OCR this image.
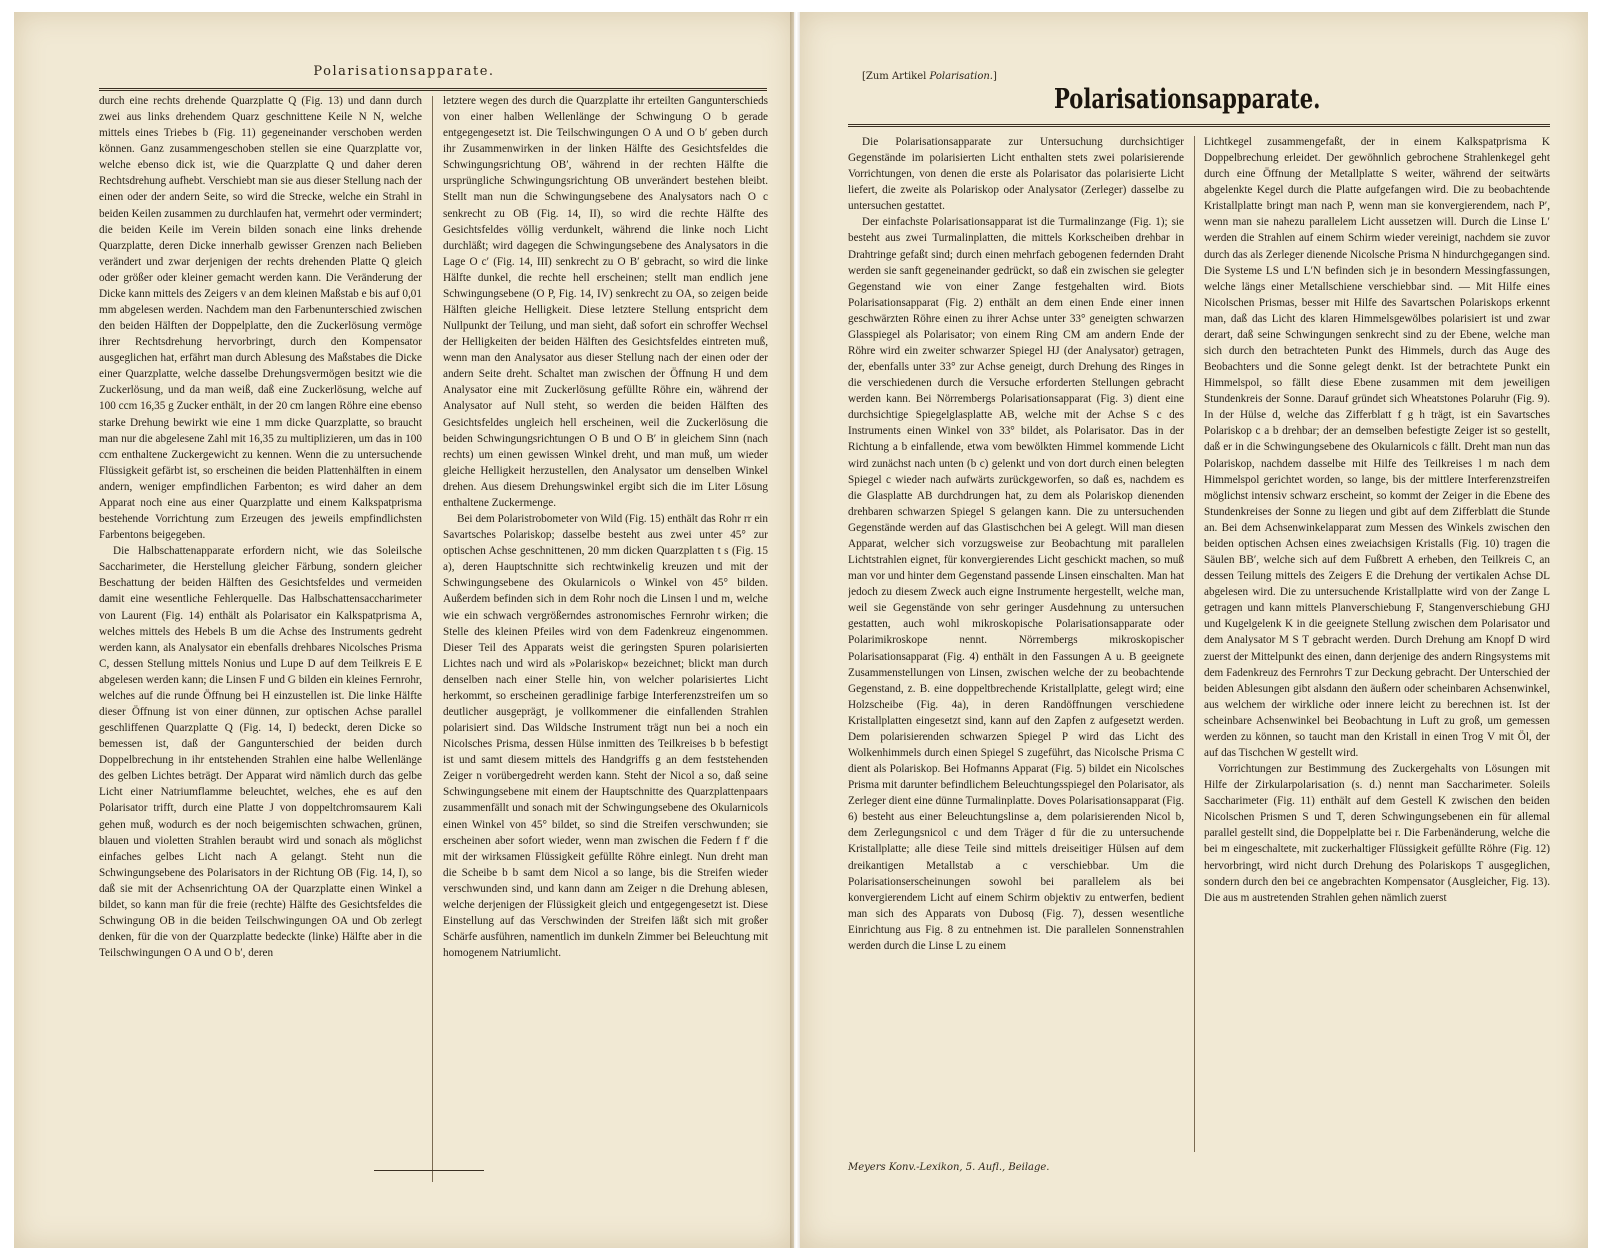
Polarisationsapparate.

durch eine rechts drehende Quarzplatte Q (Fig. 13) und dann durch zwei aus links drehendem Quarz geschnittene Keile N N, welche mittels eines Triebes b (Fig. 11) gegeneinander verschoben werden können. Ganz zusammengeschoben stellen sie eine Quarzplatte vor, welche ebenso dick ist, wie die Quarzplatte Q und daher deren Rechtsdrehung aufhebt. Verschiebt man sie aus dieser Stellung nach der einen oder der andern Seite, so wird die Strecke, welche ein Strahl in beiden Keilen zusammen zu durchlaufen hat, vermehrt oder vermindert; die beiden Keile im Verein bilden sonach eine links drehende Quarzplatte, deren Dicke innerhalb gewisser Grenzen nach Belieben verändert und zwar derjenigen der rechts drehenden Platte Q gleich oder größer oder kleiner gemacht werden kann. Die Veränderung der Dicke kann mittels des Zeigers v an dem kleinen Maßstab e bis auf 0,01 mm abgelesen werden. Nachdem man den Farbenunterschied zwischen den beiden Hälften der Doppelplatte, den die Zuckerlösung vermöge ihrer Rechtsdrehung hervorbringt, durch den Kompensator ausgeglichen hat, erfährt man durch Ablesung des Maßstabes die Dicke einer Quarzplatte, welche dasselbe Drehungsvermögen besitzt wie die Zuckerlösung, und da man weiß, daß eine Zuckerlösung, welche auf 100 ccm 16,35 g Zucker enthält, in der 20 cm langen Röhre eine ebenso starke Drehung bewirkt wie eine 1 mm dicke Quarzplatte, so braucht man nur die abgelesene Zahl mit 16,35 zu multiplizieren, um das in 100 ccm enthaltene Zuckergewicht zu kennen. Wenn die zu untersuchende Flüssigkeit gefärbt ist, so erscheinen die beiden Plattenhälften in einem andern, weniger empfindlichen Farbenton; es wird daher an dem Apparat noch eine aus einer Quarzplatte und einem Kalkspatprisma bestehende Vorrichtung zum Erzeugen des jeweils empfindlichsten Farbentons beigegeben.

Die Halbschattenapparate erfordern nicht, wie das Soleilsche Saccharimeter, die Herstellung gleicher Färbung, sondern gleicher Beschattung der beiden Hälften des Gesichtsfeldes und vermeiden damit eine wesentliche Fehlerquelle. Das Halbschattensaccharimeter von Laurent (Fig. 14) enthält als Polarisator ein Kalkspatprisma A, welches mittels des Hebels B um die Achse des Instruments gedreht werden kann, als Analysator ein ebenfalls drehbares Nicolsches Prisma C, dessen Stellung mittels Nonius und Lupe D auf dem Teilkreis E E abgelesen werden kann; die Linsen F und G bilden ein kleines Fernrohr, welches auf die runde Öffnung bei H einzustellen ist. Die linke Hälfte dieser Öffnung ist von einer dünnen, zur optischen Achse parallel geschliffenen Quarzplatte Q (Fig. 14, I) bedeckt, deren Dicke so bemessen ist, daß der Gangunterschied der beiden durch Doppelbrechung in ihr entstehenden Strahlen eine halbe Wellenlänge des gelben Lichtes beträgt. Der Apparat wird nämlich durch das gelbe Licht einer Natriumflamme beleuchtet, welches, ehe es auf den Polarisator trifft, durch eine Platte J von doppeltchromsaurem Kali gehen muß, wodurch es der noch beigemischten schwachen, grünen, blauen und violetten Strahlen beraubt wird und sonach als möglichst einfaches gelbes Licht nach A gelangt. Steht nun die Schwingungsebene des Polarisators in der Richtung OB (Fig. 14, I), so daß sie mit der Achsenrichtung OA der Quarzplatte einen Winkel a bildet, so kann man für die freie (rechte) Hälfte des Gesichtsfeldes die Schwingung OB in die beiden Teilschwingungen OA und Ob zerlegt denken, für die von der Quarzplatte bedeckte (linke) Hälfte aber in die Teilschwingungen O A und O b′, deren

letztere wegen des durch die Quarzplatte ihr erteilten Gangunterschieds von einer halben Wellenlänge der Schwingung O b gerade entgegengesetzt ist. Die Teilschwingungen O A und O b′ geben durch ihr Zusammenwirken in der linken Hälfte des Gesichtsfeldes die Schwingungsrichtung OB′, während in der rechten Hälfte die ursprüngliche Schwingungsrichtung OB unverändert bestehen bleibt. Stellt man nun die Schwingungsebene des Analysators nach O c senkrecht zu OB (Fig. 14, II), so wird die rechte Hälfte des Gesichtsfeldes völlig verdunkelt, während die linke noch Licht durchläßt; wird dagegen die Schwingungsebene des Analysators in die Lage O c′ (Fig. 14, III) senkrecht zu O B′ gebracht, so wird die linke Hälfte dunkel, die rechte hell erscheinen; stellt man endlich jene Schwingungsebene (O P, Fig. 14, IV) senkrecht zu OA, so zeigen beide Hälften gleiche Helligkeit. Diese letztere Stellung entspricht dem Nullpunkt der Teilung, und man sieht, daß sofort ein schroffer Wechsel der Helligkeiten der beiden Hälften des Gesichtsfeldes eintreten muß, wenn man den Analysator aus dieser Stellung nach der einen oder der andern Seite dreht. Schaltet man zwischen der Öffnung H und dem Analysator eine mit Zuckerlösung gefüllte Röhre ein, während der Analysator auf Null steht, so werden die beiden Hälften des Gesichtsfeldes ungleich hell erscheinen, weil die Zuckerlösung die beiden Schwingungsrichtungen O B und O B′ in gleichem Sinn (nach rechts) um einen gewissen Winkel dreht, und man muß, um wieder gleiche Helligkeit herzustellen, den Analysator um denselben Winkel drehen. Aus diesem Drehungswinkel ergibt sich die im Liter Lösung enthaltene Zuckermenge.

Bei dem Polaristrobometer von Wild (Fig. 15) enthält das Rohr rr ein Savartsches Polariskop; dasselbe besteht aus zwei unter 45° zur optischen Achse geschnittenen, 20 mm dicken Quarzplatten t s (Fig. 15 a), deren Hauptschnitte sich rechtwinkelig kreuzen und mit der Schwingungsebene des Okularnicols o Winkel von 45° bilden. Außerdem befinden sich in dem Rohr noch die Linsen l und m, welche wie ein schwach vergrößerndes astronomisches Fernrohr wirken; die Stelle des kleinen Pfeiles wird von dem Fadenkreuz eingenommen. Dieser Teil des Apparats weist die geringsten Spuren polarisierten Lichtes nach und wird als »Polariskop« bezeichnet; blickt man durch denselben nach einer Stelle hin, von welcher polarisiertes Licht herkommt, so erscheinen geradlinige farbige Interferenzstreifen um so deutlicher ausgeprägt, je vollkommener die einfallenden Strahlen polarisiert sind. Das Wildsche Instrument trägt nun bei a noch ein Nicolsches Prisma, dessen Hülse inmitten des Teilkreises b b befestigt ist und samt diesem mittels des Handgriffs g an dem feststehenden Zeiger n vorübergedreht werden kann. Steht der Nicol a so, daß seine Schwingungsebene mit einem der Hauptschnitte des Quarzplattenpaars zusammenfällt und sonach mit der Schwingungsebene des Okularnicols einen Winkel von 45° bildet, so sind die Streifen verschwunden; sie erscheinen aber sofort wieder, wenn man zwischen die Federn f f′ die mit der wirksamen Flüssigkeit gefüllte Röhre einlegt. Nun dreht man die Scheibe b b samt dem Nicol a so lange, bis die Streifen wieder verschwunden sind, und kann dann am Zeiger n die Drehung ablesen, welche derjenigen der Flüssigkeit gleich und entgegengesetzt ist. Diese Einstellung auf das Verschwinden der Streifen läßt sich mit großer Schärfe ausführen, namentlich im dunkeln Zimmer bei Beleuchtung mit homogenem Natriumlicht.

[Zum Artikel Polarisation.]
Polarisationsapparate.

Die Polarisationsapparate zur Untersuchung durchsichtiger Gegenstände im polarisierten Licht enthalten stets zwei polarisierende Vorrichtungen, von denen die erste als Polarisator das polarisierte Licht liefert, die zweite als Polariskop oder Analysator (Zerleger) dasselbe zu untersuchen gestattet.

Der einfachste Polarisationsapparat ist die Turmalinzange (Fig. 1); sie besteht aus zwei Turmalinplatten, die mittels Korkscheiben drehbar in Drahtringe gefaßt sind; durch einen mehrfach gebogenen federnden Draht werden sie sanft gegeneinander gedrückt, so daß ein zwischen sie gelegter Gegenstand wie von einer Zange festgehalten wird. Biots Polarisationsapparat (Fig. 2) enthält an dem einen Ende einer innen geschwärzten Röhre einen zu ihrer Achse unter 33° geneigten schwarzen Glasspiegel als Polarisator; von einem Ring CM am andern Ende der Röhre wird ein zweiter schwarzer Spiegel HJ (der Analysator) getragen, der, ebenfalls unter 33° zur Achse geneigt, durch Drehung des Ringes in die verschiedenen durch die Versuche erforderten Stellungen gebracht werden kann. Bei Nörrembergs Polarisationsapparat (Fig. 3) dient eine durchsichtige Spiegelglasplatte AB, welche mit der Achse S c des Instruments einen Winkel von 33° bildet, als Polarisator. Das in der Richtung a b einfallende, etwa vom bewölkten Himmel kommende Licht wird zunächst nach unten (b c) gelenkt und von dort durch einen belegten Spiegel c wieder nach aufwärts zurückgeworfen, so daß es, nachdem es die Glasplatte AB durchdrungen hat, zu dem als Polariskop dienenden drehbaren schwarzen Spiegel S gelangen kann. Die zu untersuchenden Gegenstände werden auf das Glastischchen bei A gelegt. Will man diesen Apparat, welcher sich vorzugsweise zur Beobachtung mit parallelen Lichtstrahlen eignet, für konvergierendes Licht geschickt machen, so muß man vor und hinter dem Gegenstand passende Linsen einschalten. Man hat jedoch zu diesem Zweck auch eigne Instrumente hergestellt, welche man, weil sie Gegenstände von sehr geringer Ausdehnung zu untersuchen gestatten, auch wohl mikroskopische Polarisationsapparate oder Polarimikroskope nennt. Nörrembergs mikroskopischer Polarisationsapparat (Fig. 4) enthält in den Fassungen A u. B geeignete Zusammenstellungen von Linsen, zwischen welche der zu beobachtende Gegenstand, z. B. eine doppeltbrechende Kristallplatte, gelegt wird; eine Holzscheibe (Fig. 4a), in deren Randöffnungen verschiedene Kristallplatten eingesetzt sind, kann auf den Zapfen z aufgesetzt werden. Dem polarisierenden schwarzen Spiegel P wird das Licht des Wolkenhimmels durch einen Spiegel S zugeführt, das Nicolsche Prisma C dient als Polariskop. Bei Hofmanns Apparat (Fig. 5) bildet ein Nicolsches Prisma mit darunter befindlichem Beleuchtungsspiegel den Polarisator, als Zerleger dient eine dünne Turmalinplatte. Doves Polarisationsapparat (Fig. 6) besteht aus einer Beleuchtungslinse a, dem polarisierenden Nicol b, dem Zerlegungsnicol c und dem Träger d für die zu untersuchende Kristallplatte; alle diese Teile sind mittels dreiseitiger Hülsen auf dem dreikantigen Metallstab a c verschiebbar. Um die Polarisationserscheinungen sowohl bei parallelem als bei konvergierendem Licht auf einem Schirm objektiv zu entwerfen, bedient man sich des Apparats von Dubosq (Fig. 7), dessen wesentliche Einrichtung aus Fig. 8 zu entnehmen ist. Die parallelen Sonnenstrahlen werden durch die Linse L zu einem

Lichtkegel zusammengefaßt, der in einem Kalkspatprisma K Doppelbrechung erleidet. Der gewöhnlich gebrochene Strahlenkegel geht durch eine Öffnung der Metallplatte S weiter, während der seitwärts abgelenkte Kegel durch die Platte aufgefangen wird. Die zu beobachtende Kristallplatte bringt man nach P, wenn man sie konvergierendem, nach P′, wenn man sie nahezu parallelem Licht aussetzen will. Durch die Linse L′ werden die Strahlen auf einem Schirm wieder vereinigt, nachdem sie zuvor durch das als Zerleger dienende Nicolsche Prisma N hindurchgegangen sind. Die Systeme LS und L′N befinden sich je in besondern Messingfassungen, welche längs einer Metallschiene verschiebbar sind. — Mit Hilfe eines Nicolschen Prismas, besser mit Hilfe des Savartschen Polariskops erkennt man, daß das Licht des klaren Himmelsgewölbes polarisiert ist und zwar derart, daß seine Schwingungen senkrecht sind zu der Ebene, welche man sich durch den betrachteten Punkt des Himmels, durch das Auge des Beobachters und die Sonne gelegt denkt. Ist der betrachtete Punkt ein Himmelspol, so fällt diese Ebene zusammen mit dem jeweiligen Stundenkreis der Sonne. Darauf gründet sich Wheatstones Polaruhr (Fig. 9). In der Hülse d, welche das Zifferblatt f g h trägt, ist ein Savartsches Polariskop c a b drehbar; der an demselben befestigte Zeiger ist so gestellt, daß er in die Schwingungsebene des Okularnicols c fällt. Dreht man nun das Polariskop, nachdem dasselbe mit Hilfe des Teilkreises l m nach dem Himmelspol gerichtet worden, so lange, bis der mittlere Interferenzstreifen möglichst intensiv schwarz erscheint, so kommt der Zeiger in die Ebene des Stundenkreises der Sonne zu liegen und gibt auf dem Zifferblatt die Stunde an. Bei dem Achsenwinkelapparat zum Messen des Winkels zwischen den beiden optischen Achsen eines zweiachsigen Kristalls (Fig. 10) tragen die Säulen BB′, welche sich auf dem Fußbrett A erheben, den Teilkreis C, an dessen Teilung mittels des Zeigers E die Drehung der vertikalen Achse DL abgelesen wird. Die zu untersuchende Kristallplatte wird von der Zange L getragen und kann mittels Planverschiebung F, Stangenverschiebung GHJ und Kugelgelenk K in die geeignete Stellung zwischen dem Polarisator und dem Analysator M S T gebracht werden. Durch Drehung am Knopf D wird zuerst der Mittelpunkt des einen, dann derjenige des andern Ringsystems mit dem Fadenkreuz des Fernrohrs T zur Deckung gebracht. Der Unterschied der beiden Ablesungen gibt alsdann den äußern oder scheinbaren Achsenwinkel, aus welchem der wirkliche oder innere leicht zu berechnen ist. Ist der scheinbare Achsenwinkel bei Beobachtung in Luft zu groß, um gemessen werden zu können, so taucht man den Kristall in einen Trog V mit Öl, der auf das Tischchen W gestellt wird.

Vorrichtungen zur Bestimmung des Zuckergehalts von Lösungen mit Hilfe der Zirkularpolarisation (s. d.) nennt man Saccharimeter. Soleils Saccharimeter (Fig. 11) enthält auf dem Gestell K zwischen den beiden Nicolschen Prismen S und T, deren Schwingungsebenen ein für allemal parallel gestellt sind, die Doppelplatte bei r. Die Farbenänderung, welche die bei m eingeschaltete, mit zuckerhaltiger Flüssigkeit gefüllte Röhre (Fig. 12) hervorbringt, wird nicht durch Drehung des Polariskops T ausgeglichen, sondern durch den bei ce angebrachten Kompensator (Ausgleicher, Fig. 13). Die aus m austretenden Strahlen gehen nämlich zuerst

Meyers Konv.-Lexikon, 5. Aufl., Beilage.
